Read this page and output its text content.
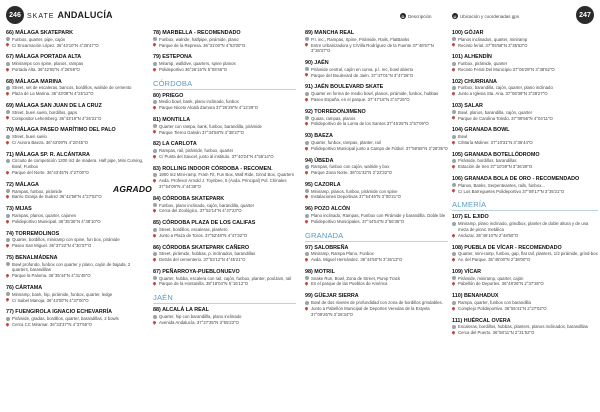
246 SKATE ANDALUCÍA	D Descripción	U Ubicación y coordenadas gps	247
66) MÁLAGA SKATEPARK
Funbox, quarter, pipe, cajón
C/ Encarnación López. 36°43'10"N 4°26'47"O
67) MÁLAGA PORTADA ALTA
Miniramps con spine, planos, rampas
Portada Alta. 36°42'55"N 4°26'59"O
68) MÁLAGA MARINA
Street, set de escaleras, bancos, bordillos, walride de cemento
Plaza de La Marina. 36°43'08"N 4°25'12"O
69) MÁLAGA SAN JUAN DE LA CRUZ
Street, buen suelo, bordillos, gaps
Compositor Lehemberg. 36°43'19"N 4°26'31"O
70) MÁLAGA PASEO MARÍTIMO DEL PALO
Street, buen suelo
C/ Aurora Baeza. 36°43'09"N 4°20'45"O
71) MÁLAGA SP. R. ALCÁNTARA
Circuito de competición 1200 m2 de madera. Half pipe, Mini Curving, Bowl, Funbox
Parque del Norte. 36°43'45"N 4°27'00"O
72) MÁLAGA
Rampas, funbox, pirámide
Barrio Granja de Suárez 36°42'58"N 4°27'02"O
73) MIJAS
Rampas, planos, quarter, cajones
Polideportivo Municipal. 36°35'36"N 4°38'10"O
74) TORREMOLINOS
Quarter, bordillos, miniramp con spine, fun box, pirámide
Paseo San Miguel. 36°37'22"N 4°30'37"O
75) BENALMÁDENA
Bowl profundo, funbox con quarter y plano, cajón de bajada, 2 quarters, barandillas
Parque la Paloma. 36°35'44"N 4°31'48"O
76) CÁRTAMA
Miniramp, bank, hip, pirámide, funbox, quarter, ledge
C/ Isabel Manoja. 36°43'00"N 4°37'00"O
77) FUENGIROLA IGNACIO ECHEVARRÍA
Pirámide, gradas, bordillos, quarter, barandillas, 2 bowls
Cerca CC Miramar. 36°33'37"N 4°37'55"O
78) MARBELLA - RECOMENDADO
Funbox, walride, halfpipe, pirámide, plano
Parque de la Represa. 36°31'00"N 4°53'00"O
79) ESTEPONA
Miramp, walldive, quarters, spine planos
Polideportivo 36°26'15"N 5°08'46"O
CÓRDOBA
80) PRIEGO
Medio bowl, bank, plano inclinado, funbox
Parque Niceto Alcalá Zamora 37°26'29"N 4°12'29"O
81) MONTILLA
Quarter con rampa, bank, funbox, barandilla, pirámide
Parque Tierno Galván 37°34'58"N 4°38'27"O
82) LA CARLOTA
Rampas, rail, pirámide, funbox, quarter
C/ Punta del Saucel, junto al instituto. 37°40'24"N 4°56'14"O
83) ROLLING INDOOR CÓRDOBA - RECOMEN.
1800 m2 Mini-ramp, Fram Fit, Fun Box, Wall Ride, Grind Box, Quarters
Avda. Profesor Arnold J. Toynbee, 5 (Avda. Principal) Pol. Chinales 37°54'09"N 4°44'38"O
84) CÓRDOBA SKATEPARK
Funbox, plano inclinado, cajón, barandilla, quarter
Cerca del Zoológico. 37°52'14"N 4°47'23"O
85) CÓRDOBA PLAZA DE LOS CALIFAS
Street, bordillos, escaleras, plantero
Junto a Plaza de Toros. 37°52'48"N 4°47'32"O
86) CÓRDOBA SKATEPARK CAÑERO
Street, pirámide, hubbas, p. inclinados, barandillas
Detrás del cementerio. 37°53'12"N 4°45'21"O
87) PEÑARROYA-PUEBLONUEVO
Quarter, hubba, escalera con rail, cajón, funbox, planter, poolJam, rail
Parque de la Hontanilla. 38°18'04"N 5°16'12"O
JAÉN
88) ALCALÁ LA REAL
Quarter, hip con barandillla, plano inclinado
Avenida Andalucía. 37°27'35"N 3°55'23"O
89) MANCHA REAL
P.I. inc., Rampas, Spine, Pirámide, Rails, FlatBanks
Entre Urbanizadora y C/Villa Rodríguez de la Fuente 37°48'57"N 3°36'37"O
90) JAÉN
Pirámide central, cajón en curva, p.l. rec, bowl abierto
Parque del Boulevard de Jaén. 37°47'01"N 3°47'26"O
91) JAÉN BOULEVARD SKATE
Quarter en forma de medio bowl, planos, pirámide, funbox, hubbas
Paseo España, en el parque. 37°47'16"N 3°47'25"O
92) TORREDONJIMENO
Quaas, rampas, planos
Polideportivo de la Loma de los Santos 37°45'25"N 3°57'09"O
93) BAEZA
Quarter, funbox, rampas, planter, rail
Polideportivo Municipal junto a Campo de Fútbol. 37°59'55"N 3°28'36"O
94) ÚBEDA
Rampas, funbox con cajón, walride y box
Parque Zona Norte. 38°01'32"N 3°22'32"O
95) CAZORLA
Miniramp, planos, funbox, pirámide con spine
Instalaciones Deportivas 37°54'46"N 3°00'21"O
96) POZO ALCÓN
Plano inclinado, Rampas, Funbox con Pirámide y barandilla. Doble ble
Polideportivo Municipales. 37°44'54"N 2°56'36"O
GRANADA
97) SALOBREÑA
Miniramp, Rampa Plano, Funbox
Avda. Miguel Hernández. 36°44'50"N 3°35'13"O
98) MOTRIL
Snake Run, Bowl, Zona de Street, Pump Track
En el parque de las Pueblos de América
99) GÜEJAR SIERRA
Bowl de dos niveles de profundidad con zona de bordillos grindables.
Junto a Pabellón Municipal de Deportes Veredas de la Estyela 37°09'26"N 3°26'34"O
100) GÓJAR
Planos inclinados, quarter, miniramp
Recinto ferial. 37°05'58"N 3°35'53"O
101) ALHENDÍN
Funbox, pirámide, quarter
Recinto Ferial Del Municipio 37°06'29"N 3°38'52"O
102) CHURRIANA
Funbox, barandilla, cajón, quarter, plano inclinado
Junto a Iglesia Sta. Ana. 37°08'39"N 3°38'27"O
103) SALAR
Bowl, planos, barandilla, cajón, quarter
Parque de Carolina Toledo. 37°09'56"N 4°04'11"O
104) GRANADA BOWL
Bowl
C/María Moliner. 37°10'31"N 3°36'44"O
105) GRANADA BOTELLÓDROMO
Pirámide, bordillos, barandillas
Estación de tren 37°10'39"N 3°36'28"O
106) GRANADA BOLA DE ORO - RECOMENDADO
Planos, Banks, Serpenteantes, rails, funbox...
C/ Los Barreguetes Polideportivo 37°09'17"N 3°35'21"O
ALMERÍA
107) EL EJIDO
Miniramp, plano inclinado, grindbox, planter de doble altura y de una meza de picnic metálica
Anduzar. 36°46'10"N 2°48'50"O
108) PUEBLA DE VÍCAR - RECOMENDADO
Quarter, mini-ramp, funbox, gap, flat rail, planters, 1/2 pirámide, grind-box
Av. del Parque. 36°46'00"N 2°38'00"O
109) VÍCAR
Pirámide, miniramp, quarter, cajón
Pabellón de Deportes. 36°48'26"N 2°37'35"O
110) BENAHADUX
Rampa, quarter, funbox con barandilla
Complejo Polideportivo. 36°55'41"N 2°27'02"O
111) HUÉRCAL OVERA
Escaleras, bordillos, hubbas, planters, planos inclinados, barandillas
Cerca del Puerto. 36°58'11"N 2°31'52"O
AGRADO
